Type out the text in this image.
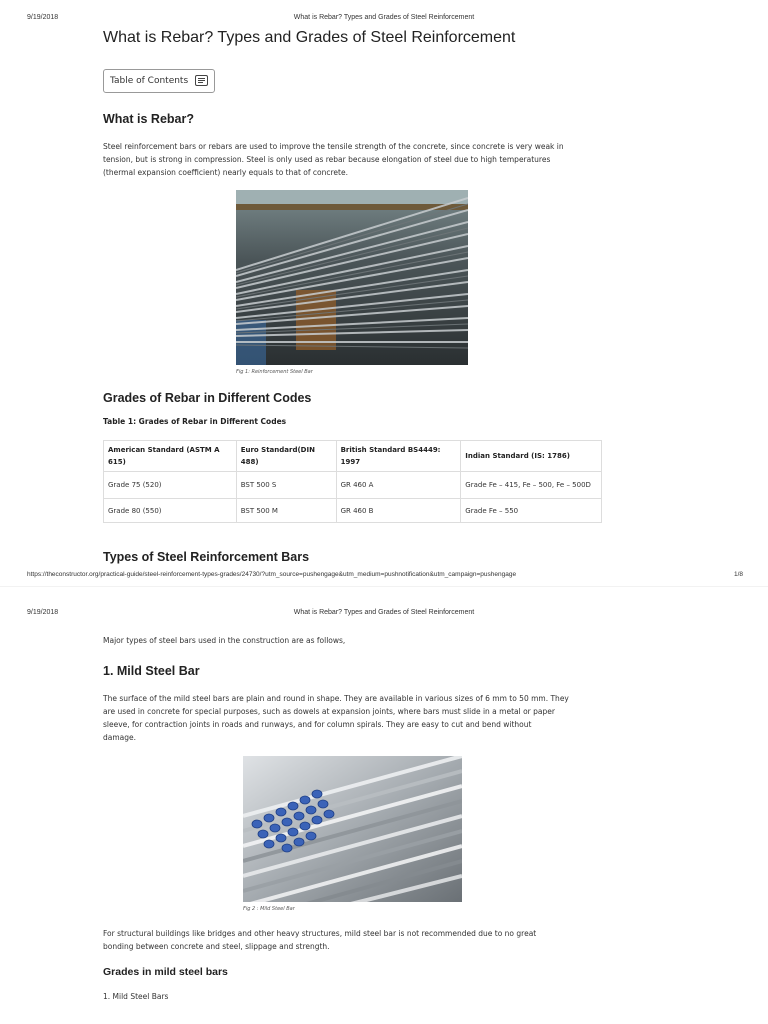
9/19/2018	What is Rebar? Types and Grades of Steel Reinforcement
What is Rebar? Types and Grades of Steel Reinforcement
Table of Contents
What is Rebar?
Steel reinforcement bars or rebars are used to improve the tensile strength of the concrete, since concrete is very weak in
tension, but is strong in compression. Steel is only used as rebar because elongation of steel due to high temperatures
(thermal expansion coefficient) nearly equals to that of concrete.
Fig 1: Reinforcement Steel Bar
Grades of Rebar in Different Codes
Table 1: Grades of Rebar in Different Codes
American Standard (ASTM A 615)	Euro Standard(DIN 488)	British Standard BS4449: 1997	Indian Standard (IS: 1786)
Grade 75 (520)	BST 500 S	GR 460 A	Grade Fe – 415, Fe – 500, Fe – 500D
Grade 80 (550)	BST 500 M	GR 460 B	Grade Fe – 550
Types of Steel Reinforcement Bars
https://theconstructor.org/practical-guide/steel-reinforcement-types-grades/24730/?utm_source=pushengage&utm_medium=pushnotification&utm_campaign=pushengage	1/8
9/19/2018	What is Rebar? Types and Grades of Steel Reinforcement
Major types of steel bars used in the construction are as follows,
1. Mild Steel Bar
The surface of the mild steel bars are plain and round in shape. They are available in various sizes of 6 mm to 50 mm. They
are used in concrete for special purposes, such as dowels at expansion joints, where bars must slide in a metal or paper
sleeve, for contraction joints in roads and runways, and for column spirals. They are easy to cut and bend without
damage.
Fig 2 : Mild Steel Bar
For structural buildings like bridges and other heavy structures, mild steel bar is not recommended due to no great
bonding between concrete and steel, slippage and strength.
Grades in mild steel bars
1. Mild Steel Bars
